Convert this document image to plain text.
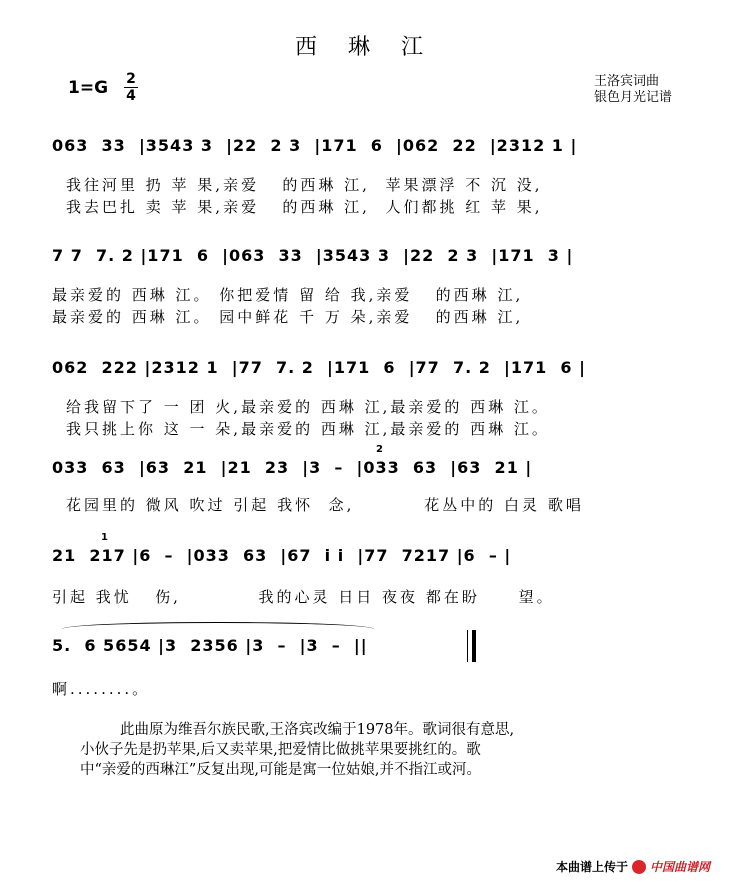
西 琳 江
1=G 2
4
王洛宾词曲
银色月光记谱
063  33  |3543 3  |22  2 3  |171  6  |062  22  |2312 1 |
我往河里 扔 苹 果,亲爱   的西琳 江,  苹果漂浮 不 沉 没,
我去巴扎 卖 苹 果,亲爱   的西琳 江,  人们都挑 红 苹 果,
7 7  7. 2 |171  6  |063  33  |3543 3  |22  2 3  |171  3 |
最亲爱的 西琳 江。 你把爱情 留 给 我,亲爱   的西琳 江,
最亲爱的 西琳 江。 园中鲜花 千 万 朵,亲爱   的西琳 江,
062  222 |2312 1  |77  7. 2  |171  6  |77  7. 2  |171  6 |
给我留下了 一 团 火,最亲爱的 西琳 江,最亲爱的 西琳 江。
我只挑上你 这 一 朵,最亲爱的 西琳 江,最亲爱的 西琳 江。
2
033  63  |63  21  |21  23  |3  –  |033  63  |63  21 |
花园里的 微风 吹过 引起 我怀  念,         花丛中的 白灵 歌唱
1
21  217 |6  –  |033  63  |67  i i  |77  7217 |6  – |
引起 我忧   伤,          我的心灵 日日 夜夜 都在盼     望。
5.  6 5654 |3  2356 |3  –  |3  –  ||
啊........。

此曲原为维吾尔族民歌,王洛宾改编于1978年。歌词很有意思,

小伙子先是扔苹果,后又卖苹果,把爱情比做挑苹果要挑红的。歌

中“亲爱的西琳江”反复出现,可能是寓一位姑娘,并不指江或河。

本曲谱上传于 中国曲谱网
